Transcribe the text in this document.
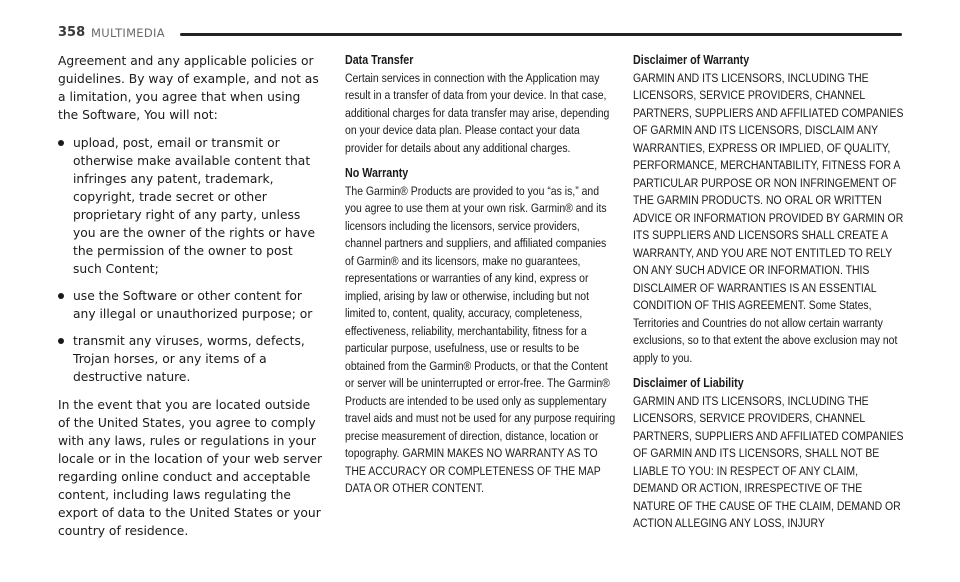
358 MULTIMEDIA

Agreement and any applicable policies or guidelines. By way of example, and not as a limitation, you agree that when using the Software, You will not:

upload, post, email or transmit or otherwise make available content that infringes any patent, trademark, copyright, trade secret or other proprietary right of any party, unless you are the owner of the rights or have the permission of the owner to post such Content;
use the Software or other content for any illegal or unauthorized purpose; or
transmit any viruses, worms, defects, Trojan horses, or any items of a destructive nature.

In the event that you are located outside of the United States, you agree to comply with any laws, rules or regulations in your locale or in the location of your web server regarding online conduct and acceptable content, including laws regulating the export of data to the United States or your country of residence.

Data Transfer

Certain services in connection with the Application may result in a transfer of data from your device. In that case, additional charges for data transfer may arise, depending on your device data plan. Please contact your data provider for details about any additional charges.

No Warranty

The Garmin® Products are provided to you “as is,” and you agree to use them at your own risk. Garmin® and its licensors including the licensors, service providers, channel partners and suppliers, and affiliated companies of Garmin® and its licensors, make no guarantees, representations or warranties of any kind, express or implied, arising by law or otherwise, including but not limited to, content, quality, accuracy, completeness, effectiveness, reliability, merchantability, fitness for a particular purpose, usefulness, use or results to be obtained from the Garmin® Products, or that the Content or server will be uninterrupted or error-free. The Garmin® Products are intended to be used only as supplementary travel aids and must not be used for any purpose requiring precise measurement of direction, distance, location or topography. GARMIN MAKES NO WARRANTY AS TO THE ACCURACY OR COMPLETENESS OF THE MAP DATA OR OTHER CONTENT.

Disclaimer of Warranty

GARMIN AND ITS LICENSORS, INCLUDING THE LICENSORS, SERVICE PROVIDERS, CHANNEL PARTNERS, SUPPLIERS AND AFFILIATED COMPANIES OF GARMIN AND ITS LICENSORS, DISCLAIM ANY WARRANTIES, EXPRESS OR IMPLIED, OF QUALITY, PERFORMANCE, MERCHANTABILITY, FITNESS FOR A PARTICULAR PURPOSE OR NON INFRINGEMENT OF THE GARMIN PRODUCTS. NO ORAL OR WRITTEN ADVICE OR INFORMATION PROVIDED BY GARMIN OR ITS SUPPLIERS AND LICENSORS SHALL CREATE A WARRANTY, AND YOU ARE NOT ENTITLED TO RELY ON ANY SUCH ADVICE OR INFORMATION. THIS DISCLAIMER OF WARRANTIES IS AN ESSENTIAL CONDITION OF THIS AGREEMENT. Some States, Territories and Countries do not allow certain warranty exclusions, so to that extent the above exclusion may not apply to you.

Disclaimer of Liability

GARMIN AND ITS LICENSORS, INCLUDING THE LICENSORS, SERVICE PROVIDERS, CHANNEL PARTNERS, SUPPLIERS AND AFFILIATED COMPANIES OF GARMIN AND ITS LICENSORS, SHALL NOT BE LIABLE TO YOU: IN RESPECT OF ANY CLAIM, DEMAND OR ACTION, IRRESPECTIVE OF THE NATURE OF THE CAUSE OF THE CLAIM, DEMAND OR ACTION ALLEGING ANY LOSS, INJURY
